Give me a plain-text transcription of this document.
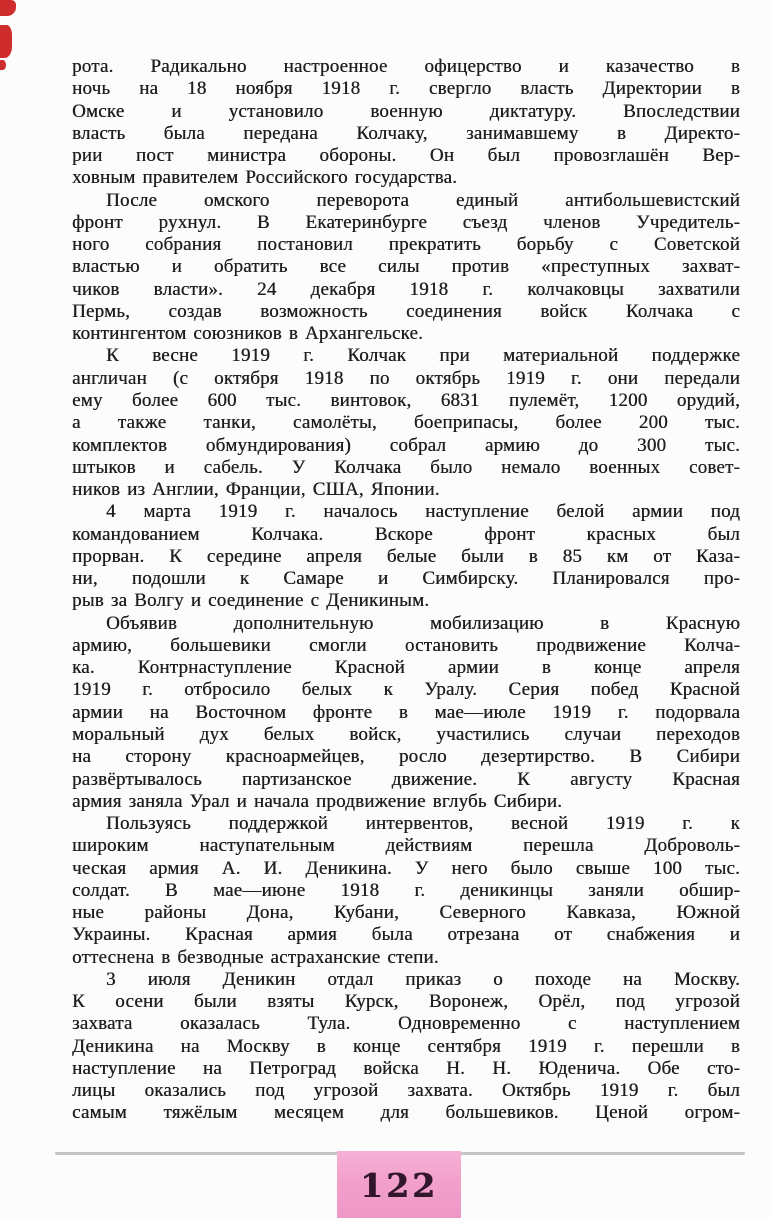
рота. Радикально настроенное офицерство и казачество в
ночь на 18 ноября 1918 г. свергло власть Директории в
Омске и установило военную диктатуру. Впоследствии
власть была передана Колчаку, занимавшему в Директо-
рии пост министра обороны. Он был провозглашён Вер-
ховным правителем Российского государства.
После омского переворота единый антибольшевистский
фронт рухнул. В Екатеринбурге съезд членов Учредитель-
ного собрания постановил прекратить борьбу с Советской
властью и обратить все силы против «преступных захват-
чиков власти». 24 декабря 1918 г. колчаковцы захватили
Пермь, создав возможность соединения войск Колчака с
контингентом союзников в Архангельске.
К весне 1919 г. Колчак при материальной поддержке
англичан (с октября 1918 по октябрь 1919 г. они передали
ему более 600 тыс. винтовок, 6831 пулемёт, 1200 орудий,
а также танки, самолёты, боеприпасы, более 200 тыс.
комплектов обмундирования) собрал армию до 300 тыс.
штыков и сабель. У Колчака было немало военных совет-
ников из Англии, Франции, США, Японии.
4 марта 1919 г. началось наступление белой армии под
командованием Колчака. Вскоре фронт красных был
прорван. К середине апреля белые были в 85 км от Каза-
ни, подошли к Самаре и Симбирску. Планировался про-
рыв за Волгу и соединение с Деникиным.
Объявив дополнительную мобилизацию в Красную
армию, большевики смогли остановить продвижение Колча-
ка. Контрнаступление Красной армии в конце апреля
1919 г. отбросило белых к Уралу. Серия побед Красной
армии на Восточном фронте в мае—июле 1919 г. подорвала
моральный дух белых войск, участились случаи переходов
на сторону красноармейцев, росло дезертирство. В Сибири
развёртывалось партизанское движение. К августу Красная
армия заняла Урал и начала продвижение вглубь Сибири.
Пользуясь поддержкой интервентов, весной 1919 г. к
широким наступательным действиям перешла Доброволь-
ческая армия А. И. Деникина. У него было свыше 100 тыс.
солдат. В мае—июне 1918 г. деникинцы заняли обшир-
ные районы Дона, Кубани, Северного Кавказа, Южной
Украины. Красная армия была отрезана от снабжения и
оттеснена в безводные астраханские степи.
3 июля Деникин отдал приказ о походе на Москву.
К осени были взяты Курск, Воронеж, Орёл, под угрозой
захвата оказалась Тула. Одновременно с наступлением
Деникина на Москву в конце сентября 1919 г. перешли в
наступление на Петроград войска Н. Н. Юденича. Обе сто-
лицы оказались под угрозой захвата. Октябрь 1919 г. был
самым тяжёлым месяцем для большевиков. Ценой огром-
122
